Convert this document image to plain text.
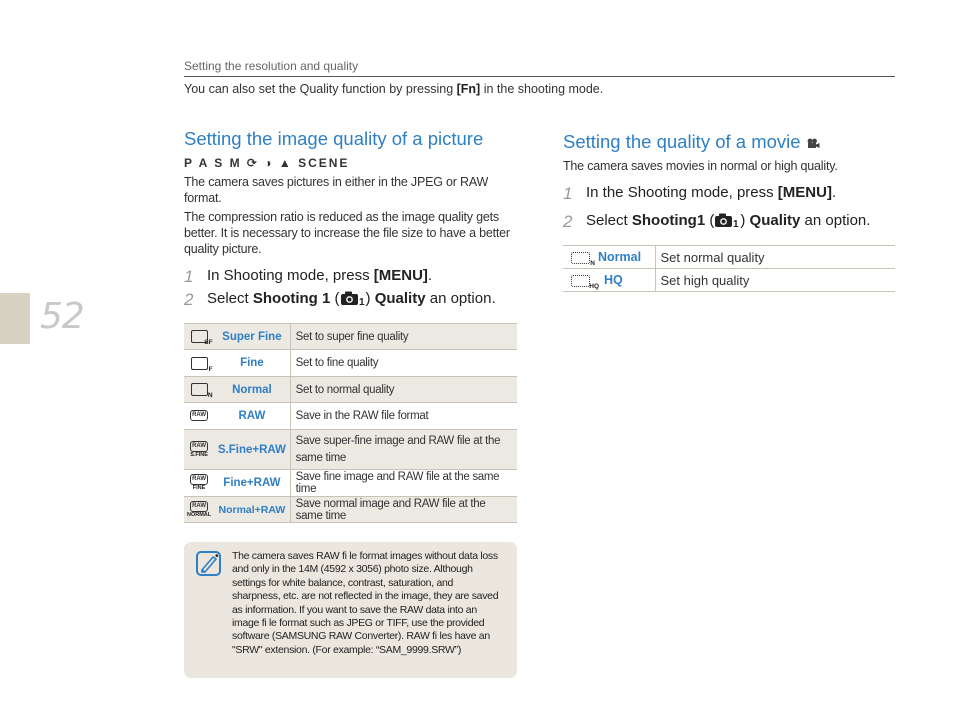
52
Setting the resolution and quality
You can also set the Quality function by pressing [Fn] in the shooting mode.
Setting the image quality of a picture
P A S M ⟳ ◑ ▲ SCENE
The camera saves pictures in either in the JPEG or RAW format.
The compression ratio is reduced as the image quality gets better. It is necessary to increase the file size to have a better quality picture.
1 In Shooting mode, press [MENU].
2 Select Shooting 1 ( 1 ) Quality an option.
SF	Super Fine	Set to super fine quality

F	Fine	Set to fine quality

N	Normal	Set to normal quality
RAW	RAW	Save in the RAW file format
RAW
S.FINE	S.Fine+RAW	Save super-fine image and RAW file at the same time
RAW
FINE	Fine+RAW	Save fine image and RAW file at the same time
RAW
NORMAL	Normal+RAW	Save normal image and RAW file at the same time
• The camera saves RAW fi le format images without data loss and only in the 14M (4592 x 3056) photo size. Although settings for white balance, contrast, saturation, and sharpness, etc. are not reflected in the image, they are saved as information. If you want to save the RAW data into an image fi le format such as JPEG or TIFF, use the provided software (SAMSUNG RAW Converter). RAW fi les have an "SRW" extension. (For example: “SAM_9999.SRW”)
Setting the quality of a movie
The camera saves movies in normal or high quality.
1 In the Shooting mode, press [MENU].
2 Select Shooting1 ( 1 ) Quality an option.
N Normal	Set normal quality

HQ HQ	Set high quality
